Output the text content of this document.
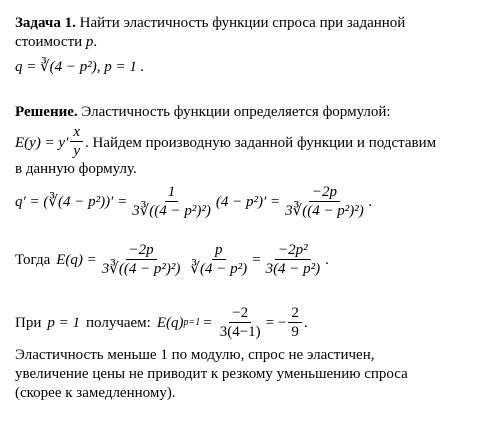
Задача 1. Найти эластичность функции спроса при заданной
стоимости p.
q = ∛(4 − p²), p = 1 .
Решение. Эластичность функции определяется формулой:
$E(y) = y' \frac{x}{y}$ . Найдем производную заданной функции и подставим
в данную формулу.
q′ = (∛(4 − $p^2))' = \frac{1}{\text{3∛((4 − p²)²)}} (4 - p^2)' = \frac{-2p}{\text{3∛((4 − p²)²)}}$ .
Тогда $E(q) = \frac{-2p}{\text{3∛((4 − p²)²)}} \frac{p}{\text{∛(4 − p²)}} = \frac{\text{−2p²}}{\text{3(4 − p²)}}$ .
При p = 1 получаем: E(q) $p=1 = \frac{-2}{3(4-1)}$ = − $\frac{2}{9}$ .
Эластичность меньше 1 по модулю, спрос не эластичен,
увеличение цены не приводит к резкому уменьшению спроса
(скорее к замедленному).
